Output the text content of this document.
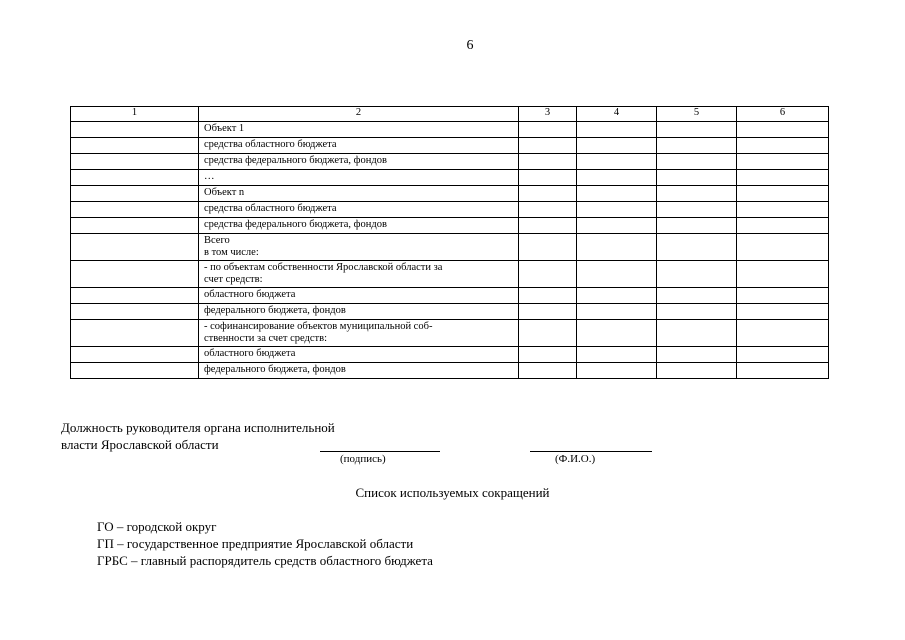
6
1	2	3	4	5	6

	Объект 1				

	средства областного бюджета				

	средства федерального бюджета, фондов				

	…				

	Объект n				

	средства областного бюджета				

	средства федерального бюджета, фондов				

	Всего
в том числе:				

	- по объектам собственности Ярославской области за
счет средств:				

	областного бюджета				

	федерального бюджета, фондов				

	- софинансирование объектов муниципальной соб-
ственности за счет средств:				

	областного бюджета				

	федерального бюджета, фондов				

Должность руководителя органа исполнительной
власти Ярославской области
(подпись)	(Ф.И.О.)
Список используемых сокращений
ГО – городской округ
ГП – государственное предприятие Ярославской области
ГРБС – главный распорядитель средств областного бюджета
